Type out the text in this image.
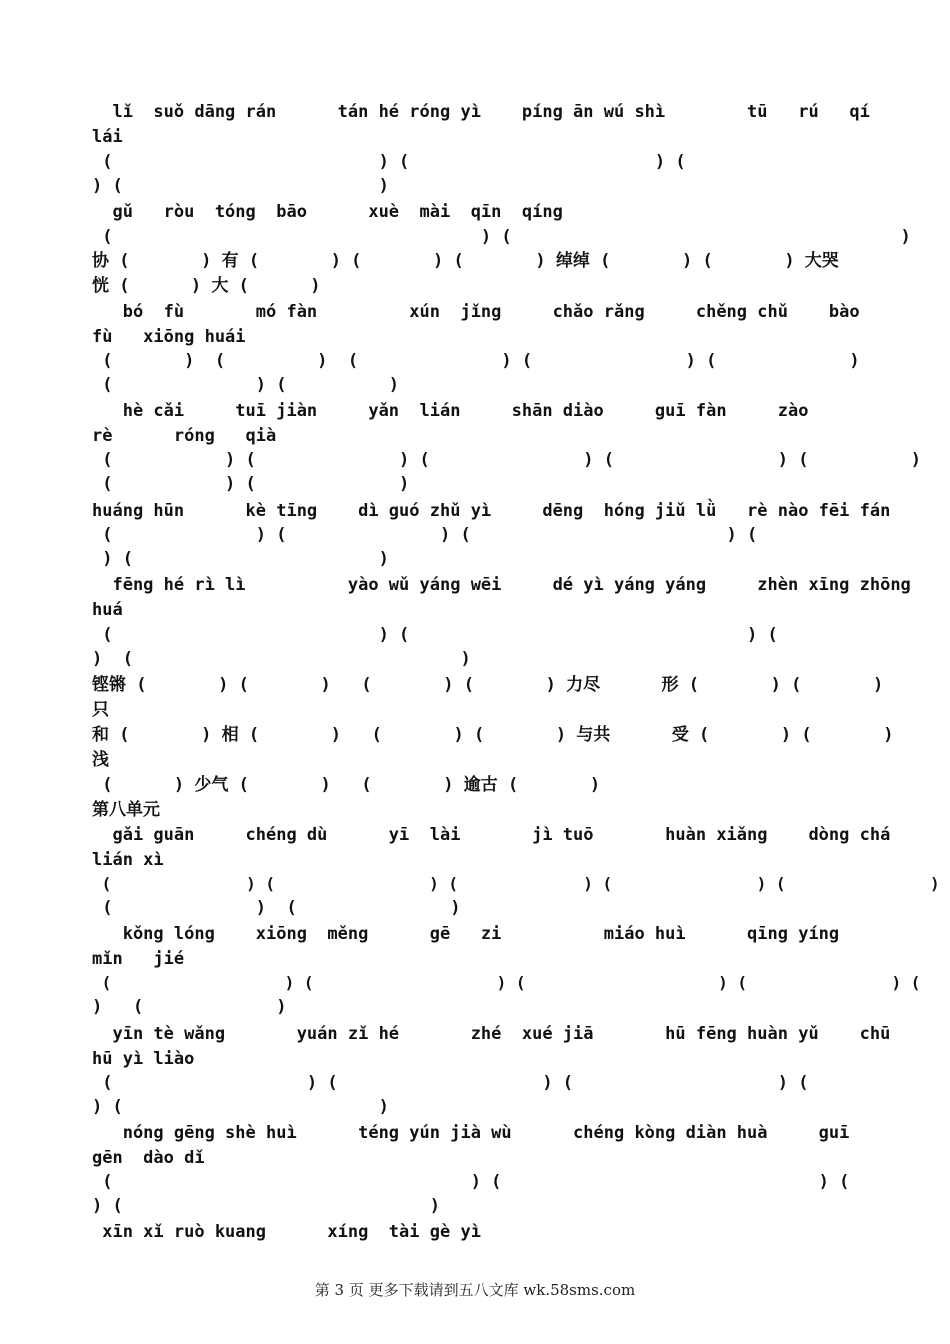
lǐ  suǒ dāng rán      tán hé róng yì    píng ān wú shì        tū   rú   qí
lái
(                          ) (                        ) (
) (                         )
gǔ   ròu  tóng  bāo      xuè  mài  qīn  qíng
(                                    ) (                                      )
协 (       ) 有 (       ) (       ) (       ) 绰绰 (       ) (       ) 大哭
恍 (      ) 大 (      )
bó  fù       mó fàn         xún  jǐng     chǎo rǎng     chěng chǔ    bào
fù   xiōng huái
(       )  (         )  (              ) (               ) (             )
(              ) (          )
hè cǎi     tuī jiàn     yǎn  lián     shān diào     guī fàn     zào
rè      róng   qià
(           ) (              ) (               ) (                ) (          )
(           ) (              )
huáng hūn      kè tīng    dì guó zhǔ yì     dēng  hóng jiǔ lǜ   rè nào fēi fán
(              ) (               ) (                         ) (
) (                        )
fēng hé rì lì          yào wǔ yáng wēi     dé yì yáng yáng     zhèn xīng zhōng
huá
(                          ) (                                 ) (
)  (                                )
铿锵 (       ) (       )   (       ) (       ) 力尽      形 (       ) (       )
只
和 (       ) 相 (       )   (       ) (       ) 与共      受 (       ) (       )
浅
(      ) 少气 (       )   (       ) 逾古 (       )
第八单元
gǎi guān     chéng dù      yī  lài       jì tuō       huàn xiǎng    dòng chá
lián xì
(              ) (                ) (             ) (               ) (               )
(              )  (               )
kǒng lóng    xiōng  měng      gē   zi          miáo huì      qīng yíng
mǐn   jié
(                  ) (                   ) (                    ) (               ) (
)   (             )
yīn tè wǎng       yuán zǐ hé       zhé  xué jiā       hū fēng huàn yǔ    chū
hū yì liào
(                   ) (                    ) (                    ) (
) (                         )
nóng gēng shè huì      téng yún jià wù      chéng kòng diàn huà     guī
gēn  dào dǐ
(                                   ) (                               ) (
) (                              )
xīn xǐ ruò kuang      xíng  tài gè yì
第 3 页 更多下载请到五八文库 wk.58sms.com
